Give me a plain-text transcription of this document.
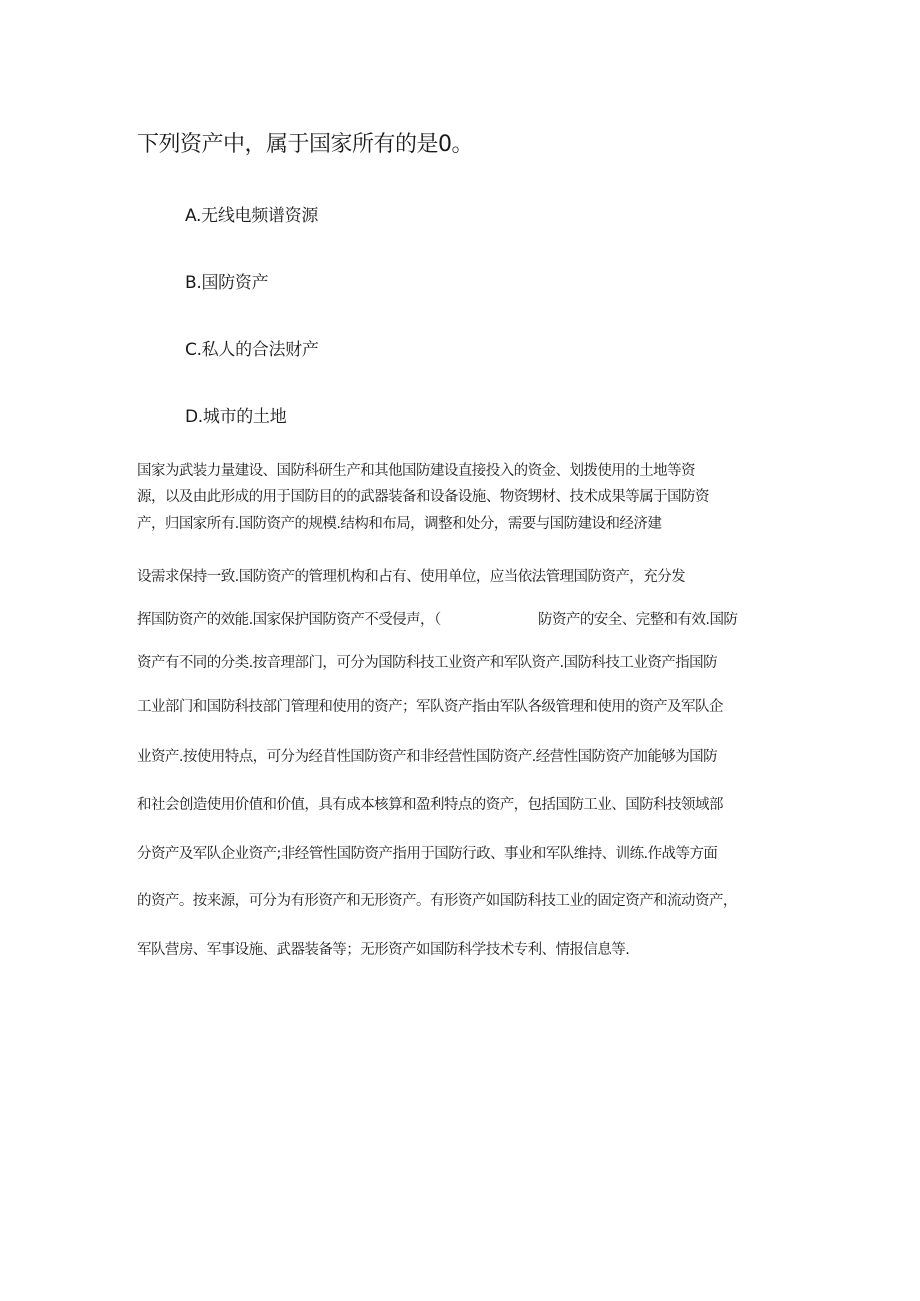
下列资产中，属于国家所有的是0。
A.无线电频谱资源
B.国防资产
C.私人的合法财产
D.城市的土地
国家为武装力量建设、国防科研生产和其他国防建设直接投入的资金、划拨使用的土地等资
源，以及由此形成的用于国防目的的武器装备和设备设施、物资甥材、技术成果等属于国防资
产，归国家所有.国防资产的规模.结构和布局，调整和处分，需要与国防建设和经济建
设需求保持一致.国防资产的管理机构和占有、使用单位，应当依法管理国防资产，充分发
挥国防资产的效能.国家保护国防资产不受侵声，（	防资产的安全、完整和有效.国防
资产有不同的分类.按音理部门，可分为国防科技工业资产和军队资产.国防科技工业资产指国防
工业部门和国防科技部门管理和使用的资产；军队资产指由军队各级管理和使用的资产及军队企
业资产.按使用特点，可分为经苜性国防资产和非经营性国防资产.经营性国防资产加能够为国防
和社会创造使用价值和价值，具有成本核算和盈利特点的资产，包括国防工业、国防科技领域部
分资产及军队企业资产;非经管性国防资产指用于国防行政、事业和军队维持、训练.作战等方面
的资产。按来源，可分为有形资产和无形资产。有形资产如国防科技工业的固定资产和流动资产，
军队营房、军事设施、武器装备等；无形资产如国防科学技术专利、情报信息等.
